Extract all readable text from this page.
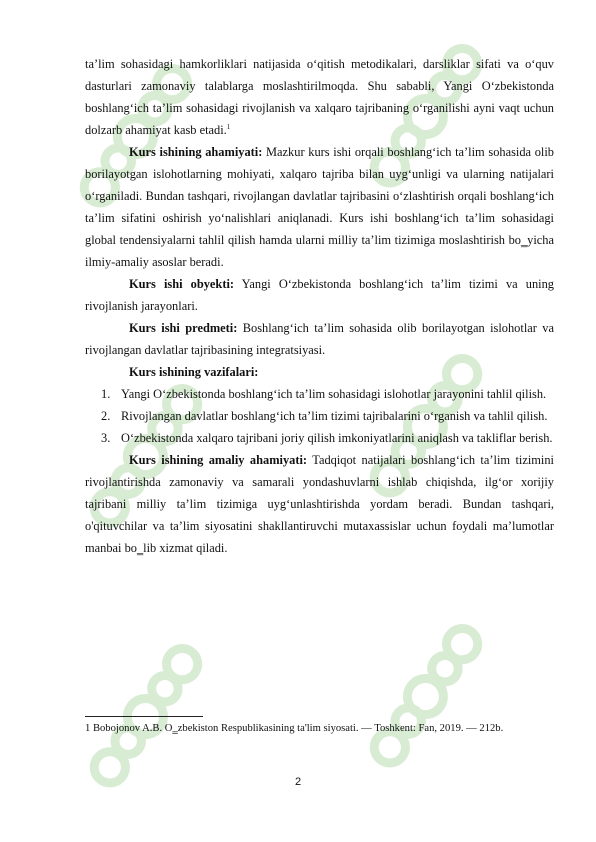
ta’lim sohasidagi hamkorliklari natijasida o‘qitish metodikalari, darsliklar sifati va o‘quv dasturlari zamonaviy talablarga moslashtirilmoqda. Shu sababli, Yangi O‘zbekistonda boshlang‘ich ta’lim sohasidagi rivojlanish va xalqaro tajribaning o‘rganilishi ayni vaqt uchun dolzarb ahamiyat kasb etadi.$^1$

Kurs ishining ahamiyati: Mazkur kurs ishi orqali boshlang‘ich ta’lim sohasida olib borilayotgan islohotlarning mohiyati, xalqaro tajriba bilan uyg‘unligi va ularning natijalari o‘rganiladi. Bundan tashqari, rivojlangan davlatlar tajribasini o‘zlashtirish orqali boshlang‘ich ta’lim sifatini oshirish yo‘nalishlari aniqlanadi. Kurs ishi boshlang‘ich ta’lim sohasidagi global tendensiyalarni tahlil qilish hamda ularni milliy ta’lim tizimiga moslashtirish bo‗yicha ilmiy-amaliy asoslar beradi.

Kurs ishi obyekti: Yangi O‘zbekistonda boshlang‘ich ta’lim tizimi va uning rivojlanish jarayonlari.

Kurs ishi predmeti: Boshlang‘ich ta’lim sohasida olib borilayotgan islohotlar va rivojlangan davlatlar tajribasining integratsiyasi.

Kurs ishining vazifalari:

1. Yangi O‘zbekistonda boshlang‘ich ta’lim sohasidagi islohotlar jarayonini tahlil qilish.
2. Rivojlangan davlatlar boshlang‘ich ta’lim tizimi tajribalarini o‘rganish va tahlil qilish.
3. O‘zbekistonda xalqaro tajribani joriy qilish imkoniyatlarini aniqlash va takliflar berish.

Kurs ishining amaliy ahamiyati: Tadqiqot natijalari boshlang‘ich ta’lim tizimini rivojlantirishda zamonaviy va samarali yondashuvlarni ishlab chiqishda, ilg‘or xorijiy tajribani milliy ta’lim tizimiga uyg‘unlashtirishda yordam beradi. Bundan tashqari, o'qituvchilar va ta’lim siyosatini shakllantiruvchi mutaxassislar uchun foydali ma’lumotlar manbai bo‗lib xizmat qiladi.

1 Bobojonov A.B. O‗zbekiston Respublikasining ta'lim siyosati. — Toshkent: Fan, 2019. — 212b.
2
